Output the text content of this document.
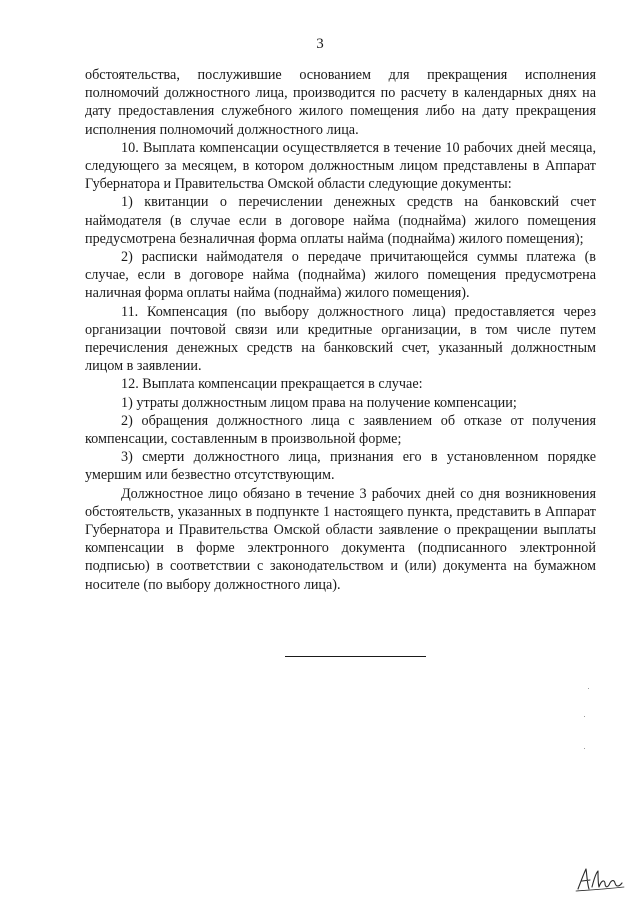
3

обстоятельства, послужившие основанием для прекращения исполнения полномочий должностного лица, производится по расчету в календарных днях на дату предоставления служебного жилого помещения либо на дату прекращения исполнения полномочий должностного лица.

10. Выплата компенсации осуществляется в течение 10 рабочих дней месяца, следующего за месяцем, в котором должностным лицом представлены в Аппарат Губернатора и Правительства Омской области следующие документы:

1) квитанции о перечислении денежных средств на банковский счет наймодателя (в случае если в договоре найма (поднайма) жилого помещения предусмотрена безналичная форма оплаты найма (поднайма) жилого помещения);

2) расписки наймодателя о передаче причитающейся суммы платежа (в случае, если в договоре найма (поднайма) жилого помещения предусмотрена наличная форма оплаты найма (поднайма) жилого помещения).

11. Компенсация (по выбору должностного лица) предоставляется через организации почтовой связи или кредитные организации, в том числе путем перечисления денежных средств на банковский счет, указанный должностным лицом в заявлении.

12. Выплата компенсации прекращается в случае:

1) утраты должностным лицом права на получение компенсации;

2) обращения должностного лица с заявлением об отказе от получения компенсации, составленным в произвольной форме;

3) смерти должностного лица, признания его в установленном порядке умершим или безвестно отсутствующим.

Должностное лицо обязано в течение 3 рабочих дней со дня возникновения обстоятельств, указанных в подпункте 1 настоящего пункта, представить в Аппарат Губернатора и Правительства Омской области заявление о прекращении выплаты компенсации в форме электронного документа (подписанного электронной подписью) в соответствии с законодательством и (или) документа на бумажном носителе (по выбору должностного лица).
